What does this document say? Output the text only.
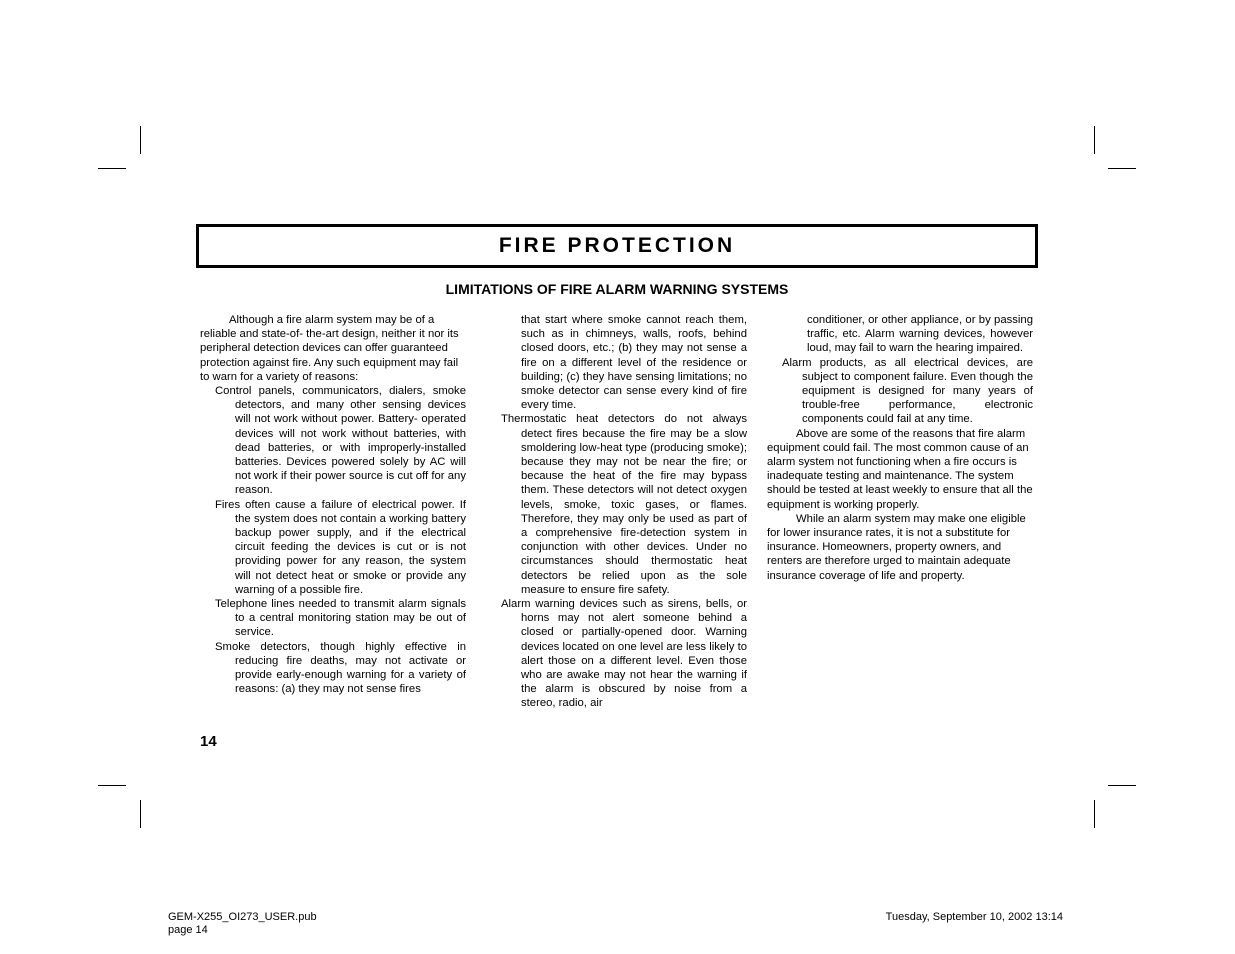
FIRE PROTECTION
LIMITATIONS OF FIRE ALARM WARNING SYSTEMS

Although a fire alarm system may be of a reliable and state-of- the-art design, neither it nor its peripheral detection devices can offer guaranteed protection against fire. Any such equipment may fail to warn for a variety of reasons:

Control panels, communicators, dialers, smoke detectors, and many other sensing devices will not work without power. Battery- operated devices will not work without batteries, with dead batteries, or with improperly-installed batteries. Devices powered solely by AC will not work if their power source is cut off for any reason.

Fires often cause a failure of electrical power. If the system does not contain a working battery backup power supply, and if the electrical circuit feeding the devices is cut or is not providing power for any reason, the system will not detect heat or smoke or provide any warning of a possible fire.

Telephone lines needed to transmit alarm signals to a central monitoring station may be out of service.

Smoke detectors, though highly effective in reducing fire deaths, may not activate or provide early-enough warning for a variety of reasons: (a) they may not sense fires

that start where smoke cannot reach them, such as in chimneys, walls, roofs, behind closed doors, etc.; (b) they may not sense a fire on a different level of the residence or building; (c) they have sensing limitations; no smoke detector can sense every kind of fire every time.

Thermostatic heat detectors do not always detect fires because the fire may be a slow smoldering low-heat type (producing smoke); because they may not be near the fire; or because the heat of the fire may bypass them. These detectors will not detect oxygen levels, smoke, toxic gases, or flames. Therefore, they may only be used as part of a comprehensive fire-detection system in conjunction with other devices. Under no circumstances should thermostatic heat detectors be relied upon as the sole measure to ensure fire safety.

Alarm warning devices such as sirens, bells, or horns may not alert someone behind a closed or partially-opened door. Warning devices located on one level are less likely to alert those on a different level. Even those who are awake may not hear the warning if the alarm is obscured by noise from a stereo, radio, air

conditioner, or other appliance, or by passing traffic, etc. Alarm warning devices, however loud, may fail to warn the hearing impaired.

Alarm products, as all electrical devices, are subject to component failure. Even though the equipment is designed for many years of trouble-free performance, electronic components could fail at any time.

Above are some of the reasons that fire alarm equipment could fail. The most common cause of an alarm system not functioning when a fire occurs is inadequate testing and maintenance. The system should be tested at least weekly to ensure that all the equipment is working properly.

While an alarm system may make one eligible for lower insurance rates, it is not a substitute for insurance. Homeowners, property owners, and renters are therefore urged to maintain adequate insurance coverage of life and property.

14
GEM-X255_OI273_USER.pub
page 14
Tuesday, September 10, 2002 13:14
